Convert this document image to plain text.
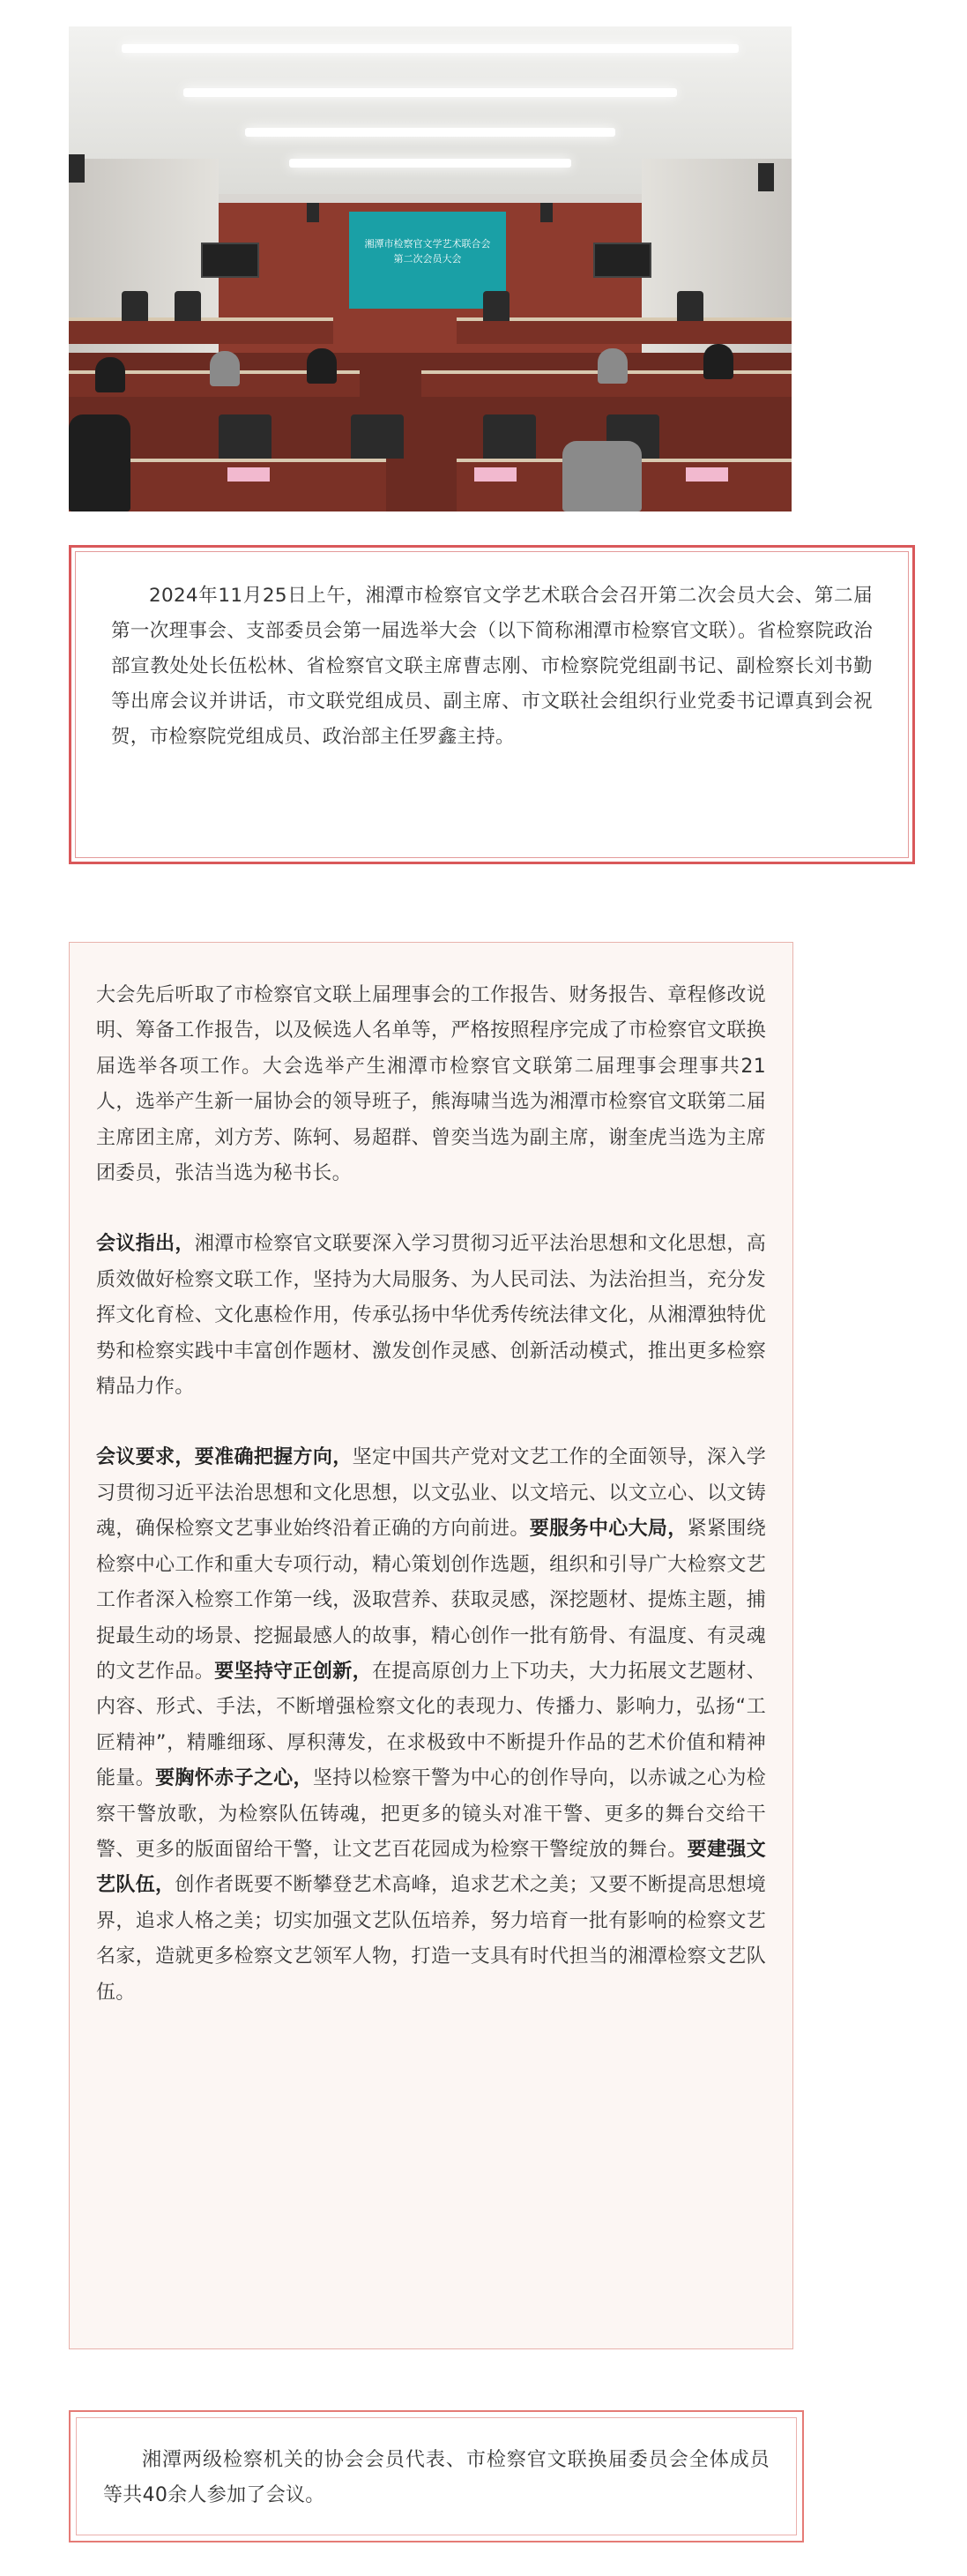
湘潭市检察官文学艺术联合会
第二次会员大会

2024年11月25日上午，湘潭市检察官文学艺术联合会召开第二次会员大会、第二届第一次理事会、支部委员会第一届选举大会（以下简称湘潭市检察官文联）。省检察院政治部宣教处处长伍松林、省检察官文联主席曹志刚、市检察院党组副书记、副检察长刘书勤等出席会议并讲话，市文联党组成员、副主席、市文联社会组织行业党委书记谭真到会祝贺，市检察院党组成员、政治部主任罗鑫主持。

大会先后听取了市检察官文联上届理事会的工作报告、财务报告、章程修改说明、筹备工作报告，以及候选人名单等，严格按照程序完成了市检察官文联换届选举各项工作。大会选举产生湘潭市检察官文联第二届理事会理事共21人，选举产生新一届协会的领导班子，熊海啸当选为湘潭市检察官文联第二届主席团主席，刘方芳、陈轲、易超群、曾奕当选为副主席，谢奎虎当选为主席团委员，张洁当选为秘书长。

会议指出，湘潭市检察官文联要深入学习贯彻习近平法治思想和文化思想，高质效做好检察文联工作，坚持为大局服务、为人民司法、为法治担当，充分发挥文化育检、文化惠检作用，传承弘扬中华优秀传统法律文化，从湘潭独特优势和检察实践中丰富创作题材、激发创作灵感、创新活动模式，推出更多检察精品力作。

会议要求，要准确把握方向，坚定中国共产党对文艺工作的全面领导，深入学习贯彻习近平法治思想和文化思想，以文弘业、以文培元、以文立心、以文铸魂，确保检察文艺事业始终沿着正确的方向前进。要服务中心大局，紧紧围绕检察中心工作和重大专项行动，精心策划创作选题，组织和引导广大检察文艺工作者深入检察工作第一线，汲取营养、获取灵感，深挖题材、提炼主题，捕捉最生动的场景、挖掘最感人的故事，精心创作一批有筋骨、有温度、有灵魂的文艺作品。要坚持守正创新，在提高原创力上下功夫，大力拓展文艺题材、内容、形式、手法，不断增强检察文化的表现力、传播力、影响力，弘扬“工匠精神”，精雕细琢、厚积薄发，在求极致中不断提升作品的艺术价值和精神能量。要胸怀赤子之心，坚持以检察干警为中心的创作导向，以赤诚之心为检察干警放歌，为检察队伍铸魂，把更多的镜头对准干警、更多的舞台交给干警、更多的版面留给干警，让文艺百花园成为检察干警绽放的舞台。要建强文艺队伍，创作者既要不断攀登艺术高峰，追求艺术之美；又要不断提高思想境界，追求人格之美；切实加强文艺队伍培养，努力培育一批有影响的检察文艺名家，造就更多检察文艺领军人物，打造一支具有时代担当的湘潭检察文艺队伍。

湘潭两级检察机关的协会会员代表、市检察官文联换届委员会全体成员等共40余人参加了会议。
